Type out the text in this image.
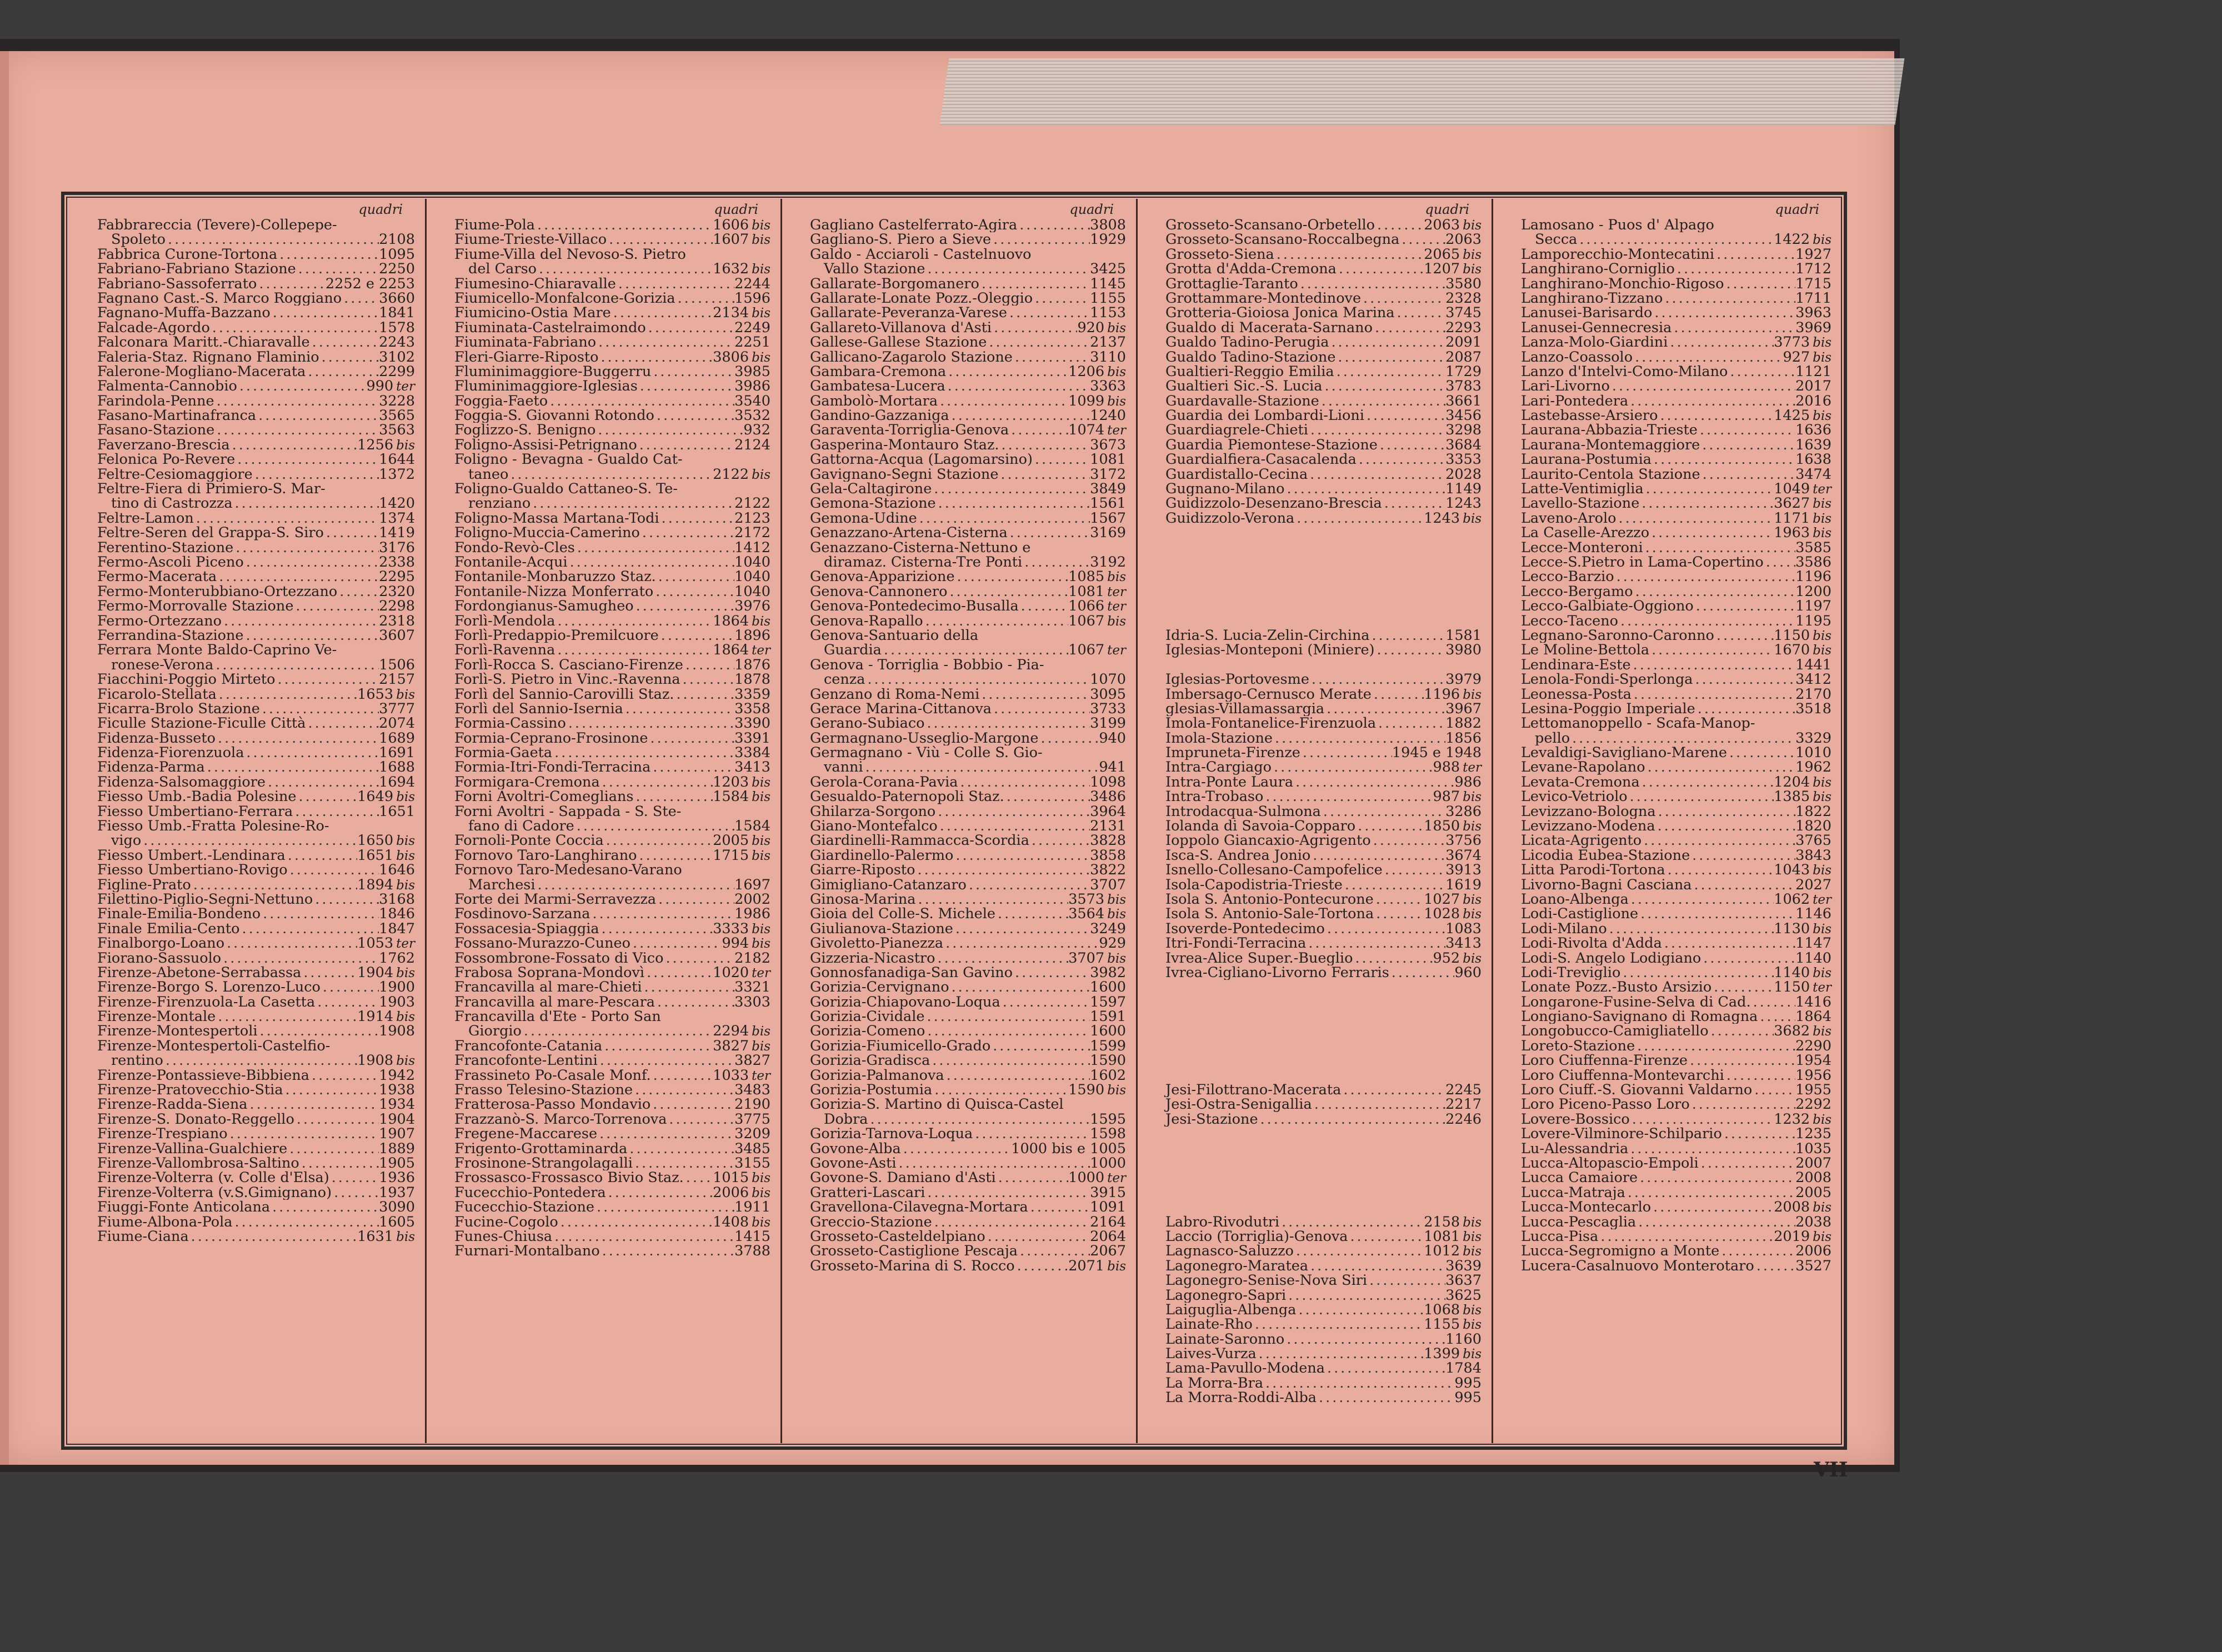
quadri
Fabbrareccia (Tevere)-Collepepe-
Spoleto .....	2108
Fabbrica Curone-Tortona .....	1095
Fabriano-Fabriano Stazione .....	2250
Fabriano-Sassoferrato .....	2252 e 2253
Fagnano Cast.-S. Marco Roggiano .....	3660
Fagnano-Muffa-Bazzano .....	1841
Falcade-Agordo .....	1578
Falconara Maritt.-Chiaravalle .....	2243
Faleria-Staz. Rignano Flaminio .....	3102
Falerone-Mogliano-Macerata .....	2299
Falmenta-Cannobio .....	990 ter
Farindola-Penne .....	3228
Fasano-Martinafranca .....	3565
Fasano-Stazione .....	3563
Faverzano-Brescia .....	1256 bis
Felonica Po-Revere .....	1644
Feltre-Cesiomaggiore .....	1372
Feltre-Fiera di Primiero-S. Mar-
tino di Castrozza .....	1420
Feltre-Lamon .....	1374
Feltre-Seren del Grappa-S. Siro .....	1419
Ferentino-Stazione .....	3176
Fermo-Ascoli Piceno .....	2338
Fermo-Macerata .....	2295
Fermo-Monterubbiano-Ortezzano .....	2320
Fermo-Morrovalle Stazione .....	2298
Fermo-Ortezzano .....	2318
Ferrandina-Stazione .....	3607
Ferrara Monte Baldo-Caprino Ve-
ronese-Verona .....	1506
Fiacchini-Poggio Mirteto .....	2157
Ficarolo-Stellata .....	1653 bis
Ficarra-Brolo Stazione .....	3777
Ficulle Stazione-Ficulle Città .....	2074
Fidenza-Busseto .....	1689
Fidenza-Fiorenzuola .....	1691
Fidenza-Parma .....	1688
Fidenza-Salsomaggiore .....	1694
Fiesso Umb.-Badia Polesine .....	1649 bis
Fiesso Umbertiano-Ferrara .....	1651
Fiesso Umb.-Fratta Polesine-Ro-
vigo .....	1650 bis
Fiesso Umbert.-Lendinara .....	1651 bis
Fiesso Umbertiano-Rovigo .....	1646
Figline-Prato .....	1894 bis
Filettino-Piglio-Segni-Nettuno .....	3168
Finale-Emilia-Bondeno .....	1846
Finale Emilia-Cento .....	1847
Finalborgo-Loano .....	1053 ter
Fiorano-Sassuolo .....	1762
Firenze-Abetone-Serrabassa .....	1904 bis
Firenze-Borgo S. Lorenzo-Luco .....	1900
Firenze-Firenzuola-La Casetta .....	1903
Firenze-Montale .....	1914 bis
Firenze-Montespertoli .....	1908
Firenze-Montespertoli-Castelfio-
rentino .....	1908 bis
Firenze-Pontassieve-Bibbiena .....	1942
Firenze-Pratovecchio-Stia .....	1938
Firenze-Radda-Siena .....	1934
Firenze-S. Donato-Reggello .....	1904
Firenze-Trespiano .....	1907
Firenze-Vallina-Gualchiere .....	1889
Firenze-Vallombrosa-Saltino .....	1905
Firenze-Volterra (v. Colle d'Elsa) .....	1936
Firenze-Volterra (v.S.Gimignano) .....	1937
Fiuggi-Fonte Anticolana .....	3090
Fiume-Albona-Pola .....	1605
Fiume-Ciana .....	1631 bis
quadri
Fiume-Pola .....	1606 bis
Fiume-Trieste-Villaco .....	1607 bis
Fiume-Villa del Nevoso-S. Pietro
del Carso .....	1632 bis
Fiumesino-Chiaravalle .....	2244
Fiumicello-Monfalcone-Gorizia .....	1596
Fiumicino-Ostia Mare .....	2134 bis
Fiuminata-Castelraimondo .....	2249
Fiuminata-Fabriano .....	2251
Fleri-Giarre-Riposto .....	3806 bis
Fluminimaggiore-Buggerru .....	3985
Fluminimaggiore-Iglesias .....	3986
Foggia-Faeto .....	3540
Foggia-S. Giovanni Rotondo .....	3532
Foglizzo-S. Benigno .....	932
Foligno-Assisi-Petrignano .....	2124
Foligno - Bevagna - Gualdo Cat-
taneo .....	2122 bis
Foligno-Gualdo Cattaneo-S. Te-
renziano .....	2122
Foligno-Massa Martana-Todi .....	2123
Foligno-Muccia-Camerino .....	2172
Fondo-Revò-Cles .....	1412
Fontanile-Acqui .....	1040
Fontanile-Monbaruzzo Staz. .....	1040
Fontanile-Nizza Monferrato .....	1040
Fordongianus-Samugheo .....	3976
Forlì-Mendola .....	1864 bis
Forlì-Predappio-Premilcuore .....	1896
Forlì-Ravenna .....	1864 ter
Forlì-Rocca S. Casciano-Firenze .....	1876
Forlì-S. Pietro in Vinc.-Ravenna .....	1878
Forlì del Sannio-Carovilli Staz. .....	3359
Forlì del Sannio-Isernia .....	3358
Formia-Cassino .....	3390
Formia-Ceprano-Frosinone .....	3391
Formia-Gaeta .....	3384
Formia-Itri-Fondi-Terracina .....	3413
Formigara-Cremona .....	1203 bis
Forni Avoltri-Comeglians .....	1584 bis
Forni Avoltri - Sappada - S. Ste-
fano di Cadore .....	1584
Fornoli-Ponte Coccia .....	2005 bis
Fornovo Taro-Langhirano .....	1715 bis
Fornovo Taro-Medesano-Varano
Marchesi .....	1697
Forte dei Marmi-Serravezza .....	2002
Fosdinovo-Sarzana .....	1986
Fossacesia-Spiaggia .....	3333 bis
Fossano-Murazzo-Cuneo .....	994 bis
Fossombrone-Fossato di Vico .....	2182
Frabosa Soprana-Mondovì .....	1020 ter
Francavilla al mare-Chieti .....	3321
Francavilla al mare-Pescara .....	3303
Francavilla d'Ete - Porto San
Giorgio .....	2294 bis
Francofonte-Catania .....	3827 bis
Francofonte-Lentini .....	3827
Frassineto Po-Casale Monf. .....	1033 ter
Frasso Telesino-Stazione .....	3483
Fratterosa-Passo Mondavio .....	2190
Frazzanò-S. Marco-Torrenova .....	3775
Fregene-Maccarese .....	3209
Frigento-Grottaminarda .....	3485
Frosinone-Strangolagalli .....	3155
Frossasco-Frossasco Bivio Staz. ..... 1015 bis
Fucecchio-Pontedera .....	2006 bis
Fucecchio-Stazione .....	1911
Fucine-Cogolo .....	1408 bis
Funes-Chiusa .....	1415
Furnari-Montalbano .....	3788
quadri
Gagliano Castelferrato-Agira .....	3808
Gagliano-S. Piero a Sieve .....	1929
Galdo - Acciaroli - Castelnuovo
Vallo Stazione .....	3425
Gallarate-Borgomanero .....	1145
Gallarate-Lonate Pozz.-Oleggio .....	1155
Gallarate-Peveranza-Varese .....	1153
Gallareto-Villanova d'Asti .....	920 bis
Gallese-Gallese Stazione .....	2137
Gallicano-Zagarolo Stazione .....	3110
Gambara-Cremona .....	1206 bis
Gambatesa-Lucera .....	3363
Gambolò-Mortara .....	1099 bis
Gandino-Gazzaniga .....	1240
Garaventa-Torriglia-Genova .....	1074 ter
Gasperina-Montauro Staz. .....	3673
Gattorna-Acqua (Lagomarsino) .....	1081
Gavignano-Segni Stazione .....	3172
Gela-Caltagirone .....	3849
Gemona-Stazione .....	1561
Gemona-Udine .....	1567
Genazzano-Artena-Cisterna .....	3169
Genazzano-Cisterna-Nettuno e
diramaz. Cisterna-Tre Ponti .....	3192
Genova-Apparizione .....	1085 bis
Genova-Cannonero .....	1081 ter
Genova-Pontedecimo-Busalla .....	1066 ter
Genova-Rapallo .....	1067 bis
Genova-Santuario della
Guardia .....	1067 ter
Genova - Torriglia - Bobbio - Pia-
cenza .....	1070
Genzano di Roma-Nemi .....	3095
Gerace Marina-Cittanova .....	3733
Gerano-Subiaco .....	3199
Germagnano-Usseglio-Margone .....	940
Germagnano - Viù - Colle S. Gio-
vanni .....	941
Gerola-Corana-Pavia .....	1098
Gesualdo-Paternopoli Staz. .....	3486
Ghilarza-Sorgono .....	3964
Giano-Montefalco .....	2131
Giardinelli-Rammacca-Scordia .....	3828
Giardinello-Palermo .....	3858
Giarre-Riposto .....	3822
Gimigliano-Catanzaro .....	3707
Ginosa-Marina .....	3573 bis
Gioia del Colle-S. Michele .....	3564 bis
Giulianova-Stazione .....	3249
Givoletto-Pianezza .....	929
Gizzeria-Nicastro .....	3707 bis
Gonnosfanadiga-San Gavino .....	3982
Gorizia-Cervignano .....	1600
Gorizia-Chiapovano-Loqua .....	1597
Gorizia-Cividale .....	1591
Gorizia-Comeno .....	1600
Gorizia-Fiumicello-Grado .....	1599
Gorizia-Gradisca .....	1590
Gorizia-Palmanova .....	1602
Gorizia-Postumia .....	1590 bis
Gorizia-S. Martino di Quisca-Castel
Dobra .....	1595
Gorizia-Tarnova-Loqua .....	1598
Govone-Alba .....	1000 bis e 1005
Govone-Asti .....	1000
Govone-S. Damiano d'Asti .....	1000 ter
Gratteri-Lascari .....	3915
Gravellona-Cilavegna-Mortara .....	1091
Greccio-Stazione .....	2164
Grosseto-Casteldelpiano .....	2064
Grosseto-Castiglione Pescaja .....	2067
Grosseto-Marina di S. Rocco .....	2071 bis
quadri
Grosseto-Scansano-Orbetello .....	2063 bis
Grosseto-Scansano-Roccalbegna .....	2063
Grosseto-Siena .....	2065 bis
Grotta d'Adda-Cremona .....	1207 bis
Grottaglie-Taranto .....	3580
Grottammare-Montedinove .....	2328
Grotteria-Gioiosa Jonica Marina .....	3745
Gualdo di Macerata-Sarnano .....	2293
Gualdo Tadino-Perugia .....	2091
Gualdo Tadino-Stazione .....	2087
Gualtieri-Reggio Emilia .....	1729
Gualtieri Sic.-S. Lucia .....	3783
Guardavalle-Stazione .....	3661
Guardia dei Lombardi-Lioni .....	3456
Guardiagrele-Chieti .....	3298
Guardia Piemontese-Stazione .....	3684
Guardialfiera-Casacalenda .....	3353
Guardistallo-Cecina .....	2028
Gugnano-Milano .....	1149
Guidizzolo-Desenzano-Brescia .....	1243
Guidizzolo-Verona .....	1243 bis
Idria-S. Lucia-Zelin-Circhina .....	1581
Iglesias-Monteponi (Miniere) .....	3980
Iglesias-Portovesme .....	3979
Imbersago-Cernusco Merate .....	1196 bis
glesias-Villamassargia .....	3967
Imola-Fontanelice-Firenzuola .....	1882
Imola-Stazione .....	1856
Impruneta-Firenze .....	1945 e 1948
Intra-Cargiago .....	988 ter
Intra-Ponte Laura .....	986
Intra-Trobaso .....	987 bis
Introdacqua-Sulmona .....	3286
Iolanda di Savoia-Copparo .....	1850 bis
Ioppolo Giancaxio-Agrigento .....	3756
Isca-S. Andrea Jonio .....	3674
Isnello-Collesano-Campofelice .....	3913
Isola-Capodistria-Trieste .....	1619
Isola S. Antonio-Pontecurone .....	1027 bis
Isola S. Antonio-Sale-Tortona .....	1028 bis
Isoverde-Pontedecimo .....	1083
Itri-Fondi-Terracina .....	3413
Ivrea-Alice Super.-Bueglio .....	952 bis
Ivrea-Cigliano-Livorno Ferraris .....	960
Jesi-Filottrano-Macerata .....	2245
Jesi-Ostra-Senigallia .....	2217
Jesi-Stazione .....	2246
Labro-Rivodutri .....	2158 bis
Laccio (Torriglia)-Genova .....	1081 bis
Lagnasco-Saluzzo .....	1012 bis
Lagonegro-Maratea .....	3639
Lagonegro-Senise-Nova Siri .....	3637
Lagonegro-Sapri .....	3625
Laiguglia-Albenga .....	1068 bis
Lainate-Rho .....	1155 bis
Lainate-Saronno .....	1160
Laives-Vurza .....	1399 bis
Lama-Pavullo-Modena .....	1784
La Morra-Bra .....	995
La Morra-Roddi-Alba .....	995
quadri
Lamosano - Puos d' Alpago
Secca .....	1422 bis
Lamporecchio-Montecatini .....	1927
Langhirano-Corniglio .....	1712
Langhirano-Monchio-Rigoso .....	1715
Langhirano-Tizzano .....	1711
Lanusei-Barisardo .....	3963
Lanusei-Gennecresia .....	3969
Lanza-Molo-Giardini .....	3773 bis
Lanzo-Coassolo .....	927 bis
Lanzo d'Intelvi-Como-Milano .....	1121
Lari-Livorno .....	2017
Lari-Pontedera .....	2016
Lastebasse-Arsiero .....	1425 bis
Laurana-Abbazia-Trieste .....	1636
Laurana-Montemaggiore .....	1639
Laurana-Postumia .....	1638
Laurito-Centola Stazione .....	3474
Latte-Ventimiglia .....	1049 ter
Lavello-Stazione .....	3627 bis
Laveno-Arolo .....	1171 bis
La Caselle-Arezzo .....	1963 bis
Lecce-Monteroni .....	3585
Lecce-S.Pietro in Lama-Copertino ..... 3586
Lecco-Barzio .....	1196
Lecco-Bergamo .....	1200
Lecco-Galbiate-Oggiono .....	1197
Lecco-Taceno .....	1195
Legnano-Saronno-Caronno .....	1150 bis
Le Moline-Bettola .....	1670 bis
Lendinara-Este .....	1441
Lenola-Fondi-Sperlonga .....	3412
Leonessa-Posta .....	2170
Lesina-Poggio Imperiale .....	3518
Lettomanoppello - Scafa-Manop-
pello .....	3329
Levaldigi-Savigliano-Marene .....	1010
Levane-Rapolano .....	1962
Levata-Cremona .....	1204 bis
Levico-Vetriolo .....	1385 bis
Levizzano-Bologna .....	1822
Levizzano-Modena .....	1820
Licata-Agrigento .....	3765
Licodia Eubea-Stazione .....	3843
Litta Parodi-Tortona .....	1043 bis
Livorno-Bagni Casciana .....	2027
Loano-Albenga .....	1062 ter
Lodi-Castiglione .....	1146
Lodi-Milano .....	1130 bis
Lodi-Rivolta d'Adda .....	1147
Lodi-S. Angelo Lodigiano .....	1140
Lodi-Treviglio .....	1140 bis
Lonate Pozz.-Busto Arsizio .....	1150 ter
Longarone-Fusine-Selva di Cad. .....	1416
Longiano-Savignano di Romagna .....	1864
Longobucco-Camigliatello .....	3682 bis
Loreto-Stazione .....	2290
Loro Ciuffenna-Firenze .....	1954
Loro Ciuffenna-Montevarchi .....	1956
Loro Ciuff.-S. Giovanni Valdarno .....	1955
Loro Piceno-Passo Loro .....	2292
Lovere-Bossico .....	1232 bis
Lovere-Vilminore-Schilpario .....	1235
Lu-Alessandria .....	1035
Lucca-Altopascio-Empoli .....	2007
Lucca Camaiore .....	2008
Lucca-Matraja .....	2005
Lucca-Montecarlo .....	2008 bis
Lucca-Pescaglia .....	2038
Lucca-Pisa .....	2019 bis
Lucca-Segromigno a Monte .....	2006
Lucera-Casalnuovo Monterotaro .....	3527
VII
